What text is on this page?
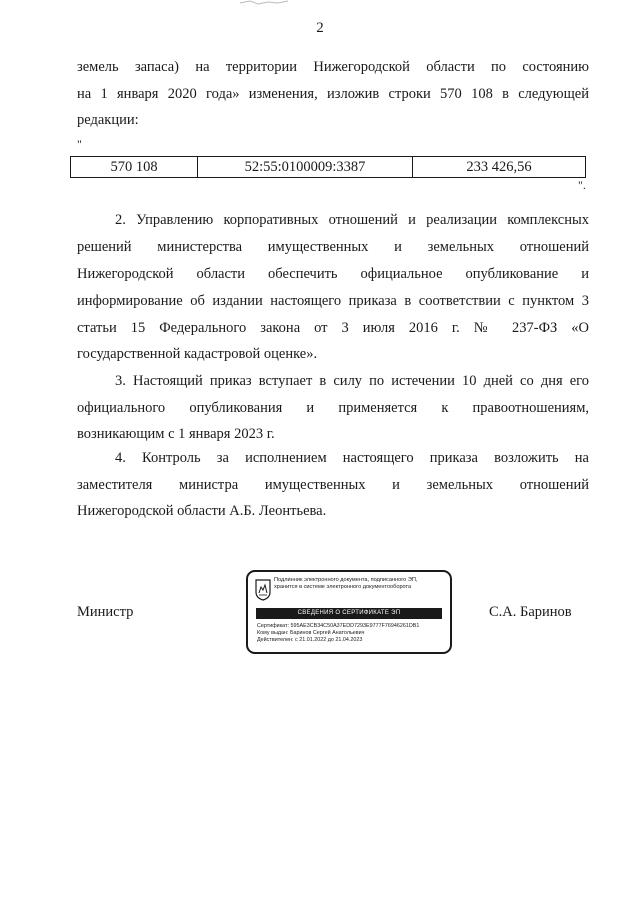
2
земель запаса) на территории Нижегородской области по состоянию
на 1 января 2020 года» изменения, изложив строки 570 108 в следующей
редакции:
"
570 108	52:55:0100009:3387	233 426,56
".
2. Управлению корпоративных отношений и реализации комплексных
решений министерства имущественных и земельных отношений
Нижегородской области обеспечить официальное опубликование и
информирование об издании настоящего приказа в соответствии с пунктом 3
статьи 15 Федерального закона от 3 июля 2016 г. № 237-ФЗ «О
государственной кадастровой оценке».
3. Настоящий приказ вступает в силу по истечении 10 дней со дня его
официального опубликования и применяется к правоотношениям,
возникающим с 1 января 2023 г.
4. Контроль за исполнением настоящего приказа возложить на
заместителя министра имущественных и земельных отношений
Нижегородской области А.Б. Леонтьева.
Министр	С.А. Баринов
Подлинник электронного документа, подписанного ЭП,
хранится в системе электронного документооборота
СВЕДЕНИЯ О СЕРТИФИКАТЕ ЭП
Сертификат: 595AE3CB34C50A37EDD7293E9777F76946261DB1
Кому выдан: Баринов Сергей Анатольевич
Действителен: с 21.01.2022 до 21.04.2023
